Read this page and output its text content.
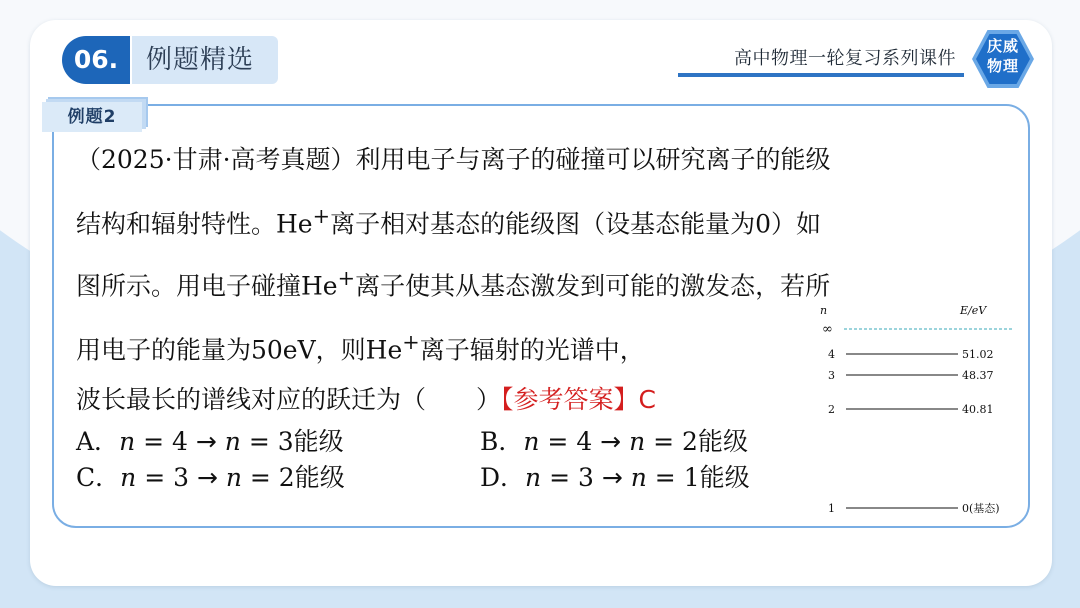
06.	例题精选	高中物理一轮复习系列课件
庆威
物理
例题2
（2025·甘肃·高考真题）利用电子与离子的碰撞可以研究离子的能级
结构和辐射特性。He+离子相对基态的能级图（设基态能量为0）如
图所示。用电子碰撞He+离子使其从基态激发到可能的激发态，若所
用电子的能量为50eV，则He+离子辐射的光谱中，
波长最长的谱线对应的跃迁为（　　）【参考答案】C
A．n = 4 → n = 3能级	B．n = 4 → n = 2能级
C．n = 3 → n = 2能级	D．n = 3 → n = 1能级
n	E/eV
∞
4	51.02
3	48.37
2	40.81
1	0(基态)
